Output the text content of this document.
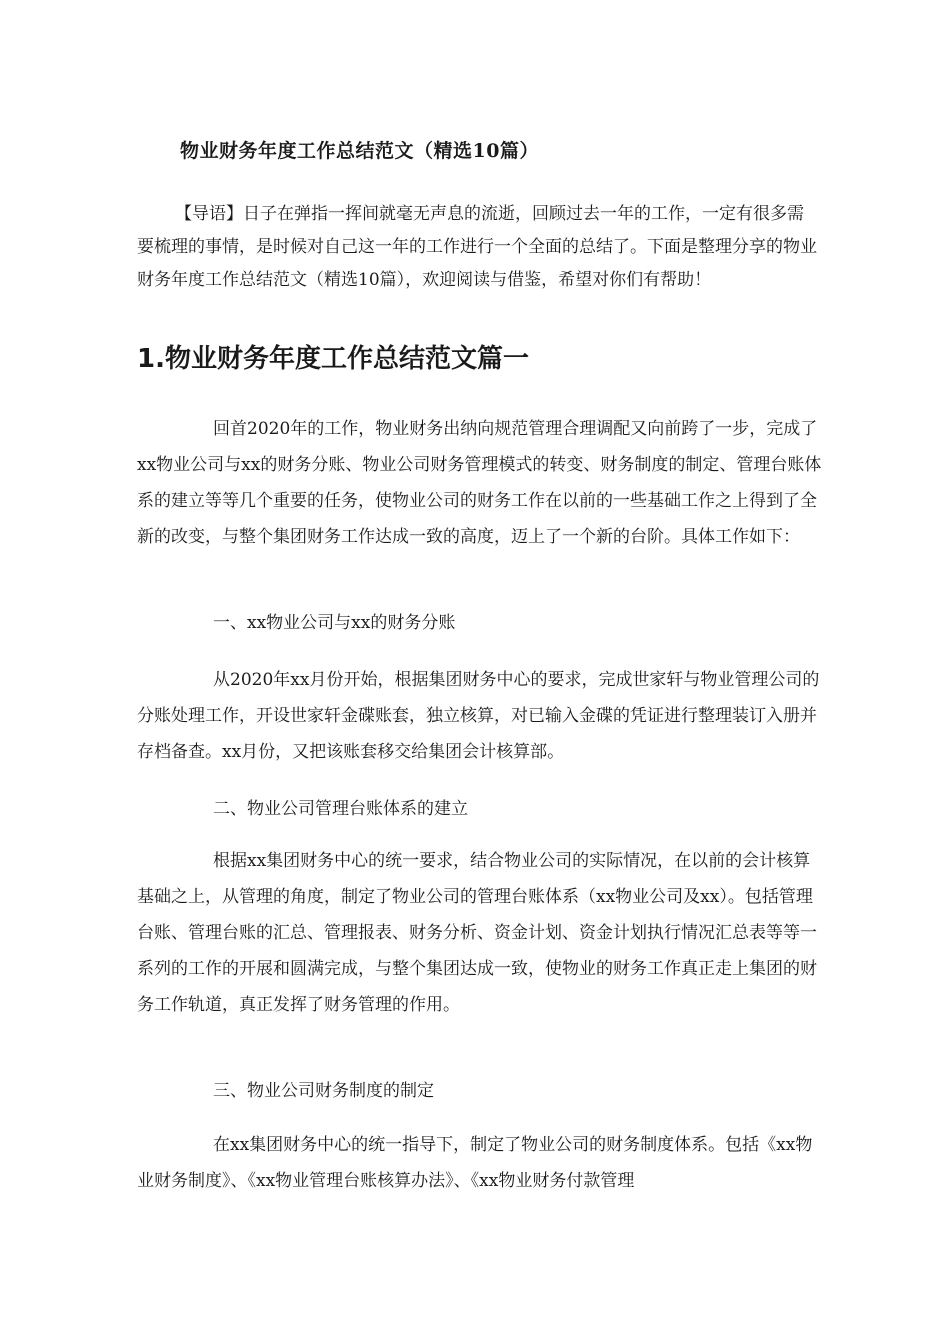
物业财务年度工作总结范文（精选10篇）
【导语】日子在弹指一挥间就毫无声息的流逝，回顾过去一年的工作，一定有很多需要梳理的事情，是时候对自己这一年的工作进行一个全面的总结了。下面是整理分享的物业财务年度工作总结范文（精选10篇），欢迎阅读与借鉴，希望对你们有帮助！
1.物业财务年度工作总结范文篇一
回首2020年的工作，物业财务出纳向规范管理合理调配又向前跨了一步，完成了xx物业公司与xx的财务分账、物业公司财务管理模式的转变、财务制度的制定、管理台账体系的建立等等几个重要的任务，使物业公司的财务工作在以前的一些基础工作之上得到了全新的改变，与整个集团财务工作达成一致的高度，迈上了一个新的台阶。具体工作如下：
一、xx物业公司与xx的财务分账
从2020年xx月份开始，根据集团财务中心的要求，完成世家轩与物业管理公司的分账处理工作，开设世家轩金碟账套，独立核算，对已输入金碟的凭证进行整理装订入册并存档备查。xx月份，又把该账套移交给集团会计核算部。
二、物业公司管理台账体系的建立
根据xx集团财务中心的统一要求，结合物业公司的实际情况，在以前的会计核算基础之上，从管理的角度，制定了物业公司的管理台账体系（xx物业公司及xx）。包括管理台账、管理台账的汇总、管理报表、财务分析、资金计划、资金计划执行情况汇总表等等一系列的工作的开展和圆满完成，与整个集团达成一致，使物业的财务工作真正走上集团的财务工作轨道，真正发挥了财务管理的作用。
三、物业公司财务制度的制定
在xx集团财务中心的统一指导下，制定了物业公司的财务制度体系。包括《xx物业财务制度》、《xx物业管理台账核算办法》、《xx物业财务付款管理
